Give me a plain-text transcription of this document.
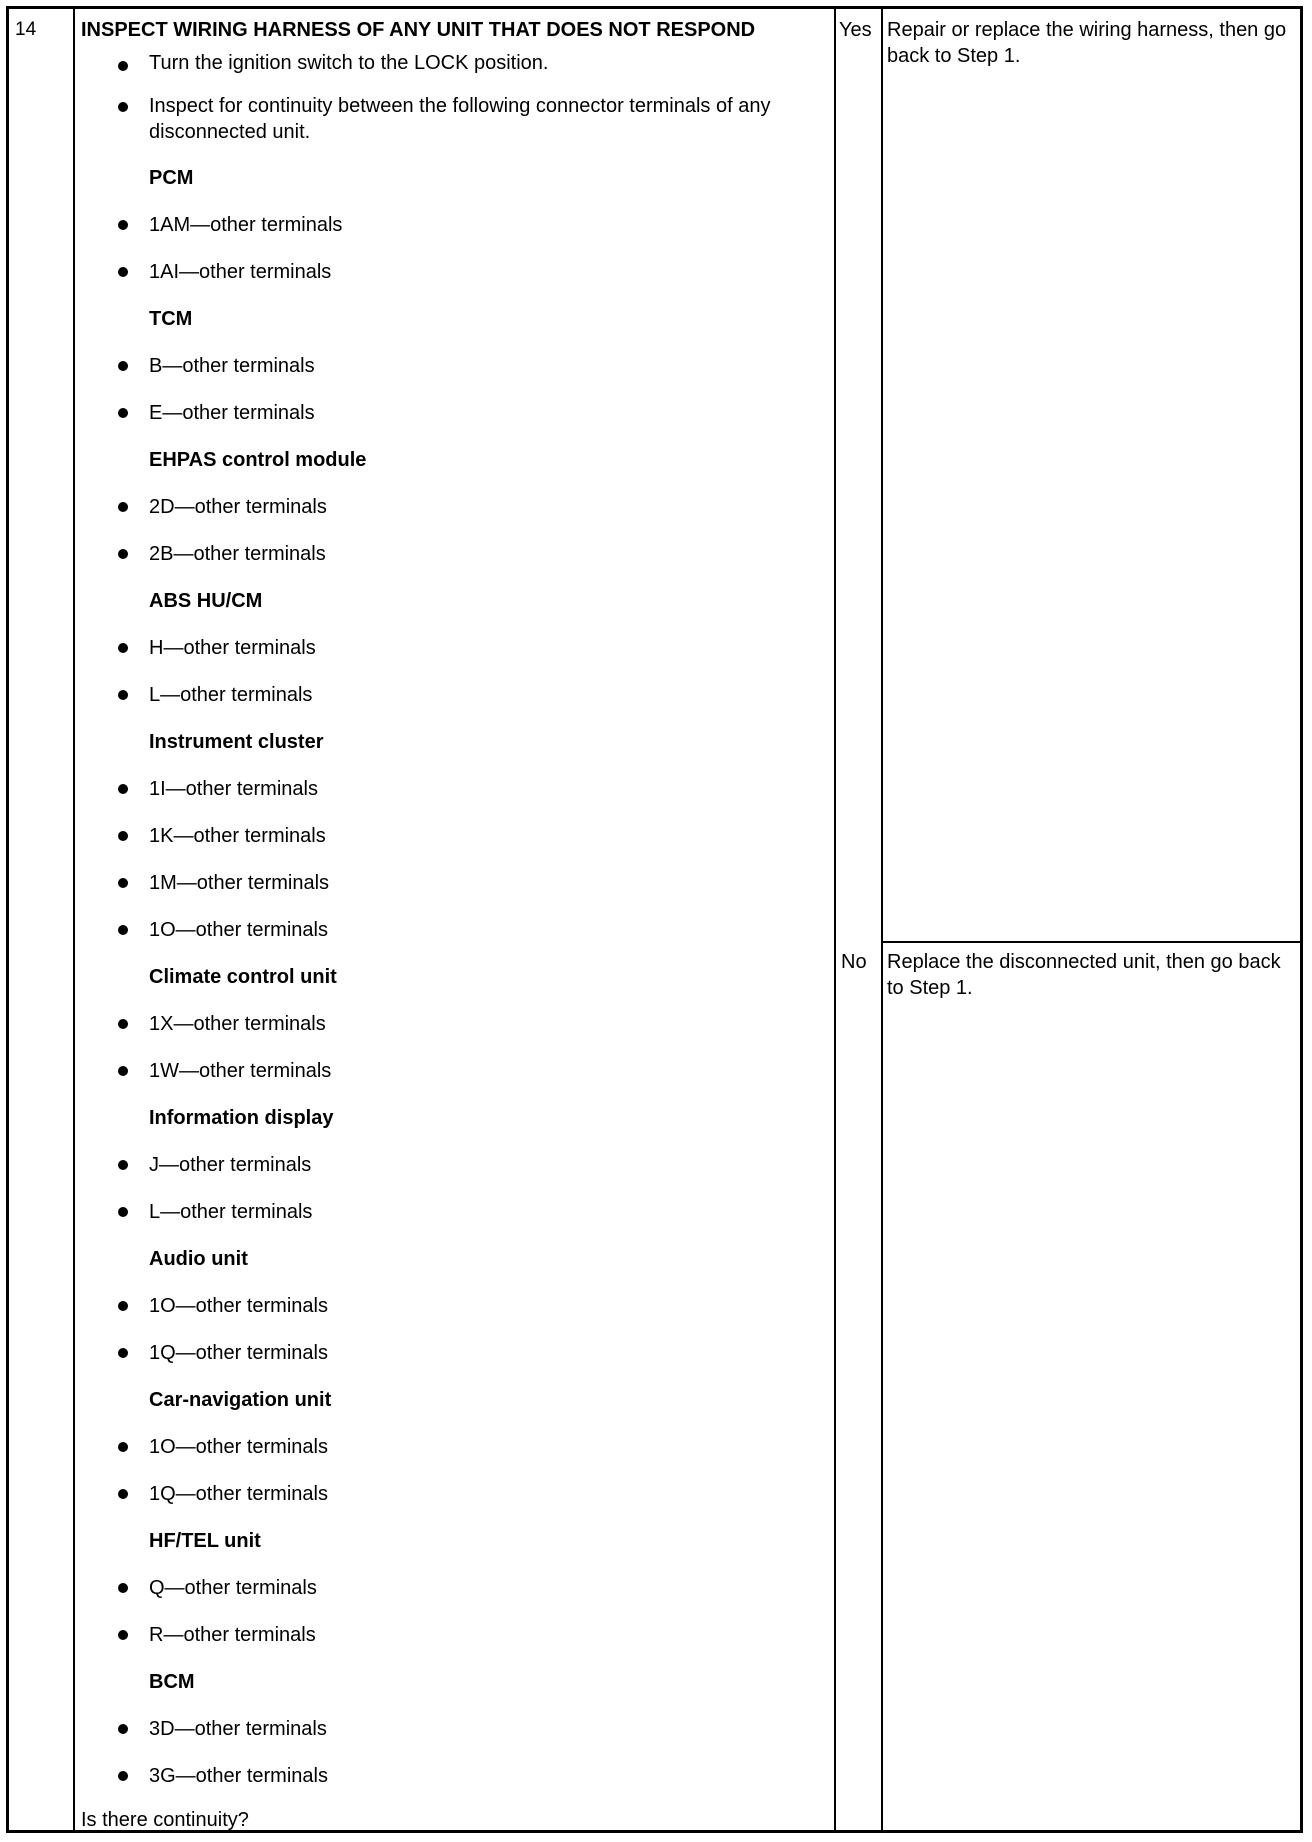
14 INSPECT WIRING HARNESS OF ANY UNIT THAT DOES NOT RESPOND
Turn the ignition switch to the LOCK position.
Inspect for continuity between the following connector terminals of any disconnected unit.
PCM
1AM—other terminals
1AI—other terminals
TCM
B—other terminals
E—other terminals
EHPAS control module
2D—other terminals
2B—other terminals
ABS HU/CM
H—other terminals
L—other terminals
Instrument cluster
1I—other terminals
1K—other terminals
1M—other terminals
1O—other terminals
Climate control unit
1X—other terminals
1W—other terminals
Information display
J—other terminals
L—other terminals
Audio unit
1O—other terminals
1Q—other terminals
Car-navigation unit
1O—other terminals
1Q—other terminals
HF/TEL unit
Q—other terminals
R—other terminals
BCM
3D—other terminals
3G—other terminals
Is there continuity?
Yes Repair or replace the wiring harness, then go back to Step 1.
No Replace the disconnected unit, then go back to Step 1.
